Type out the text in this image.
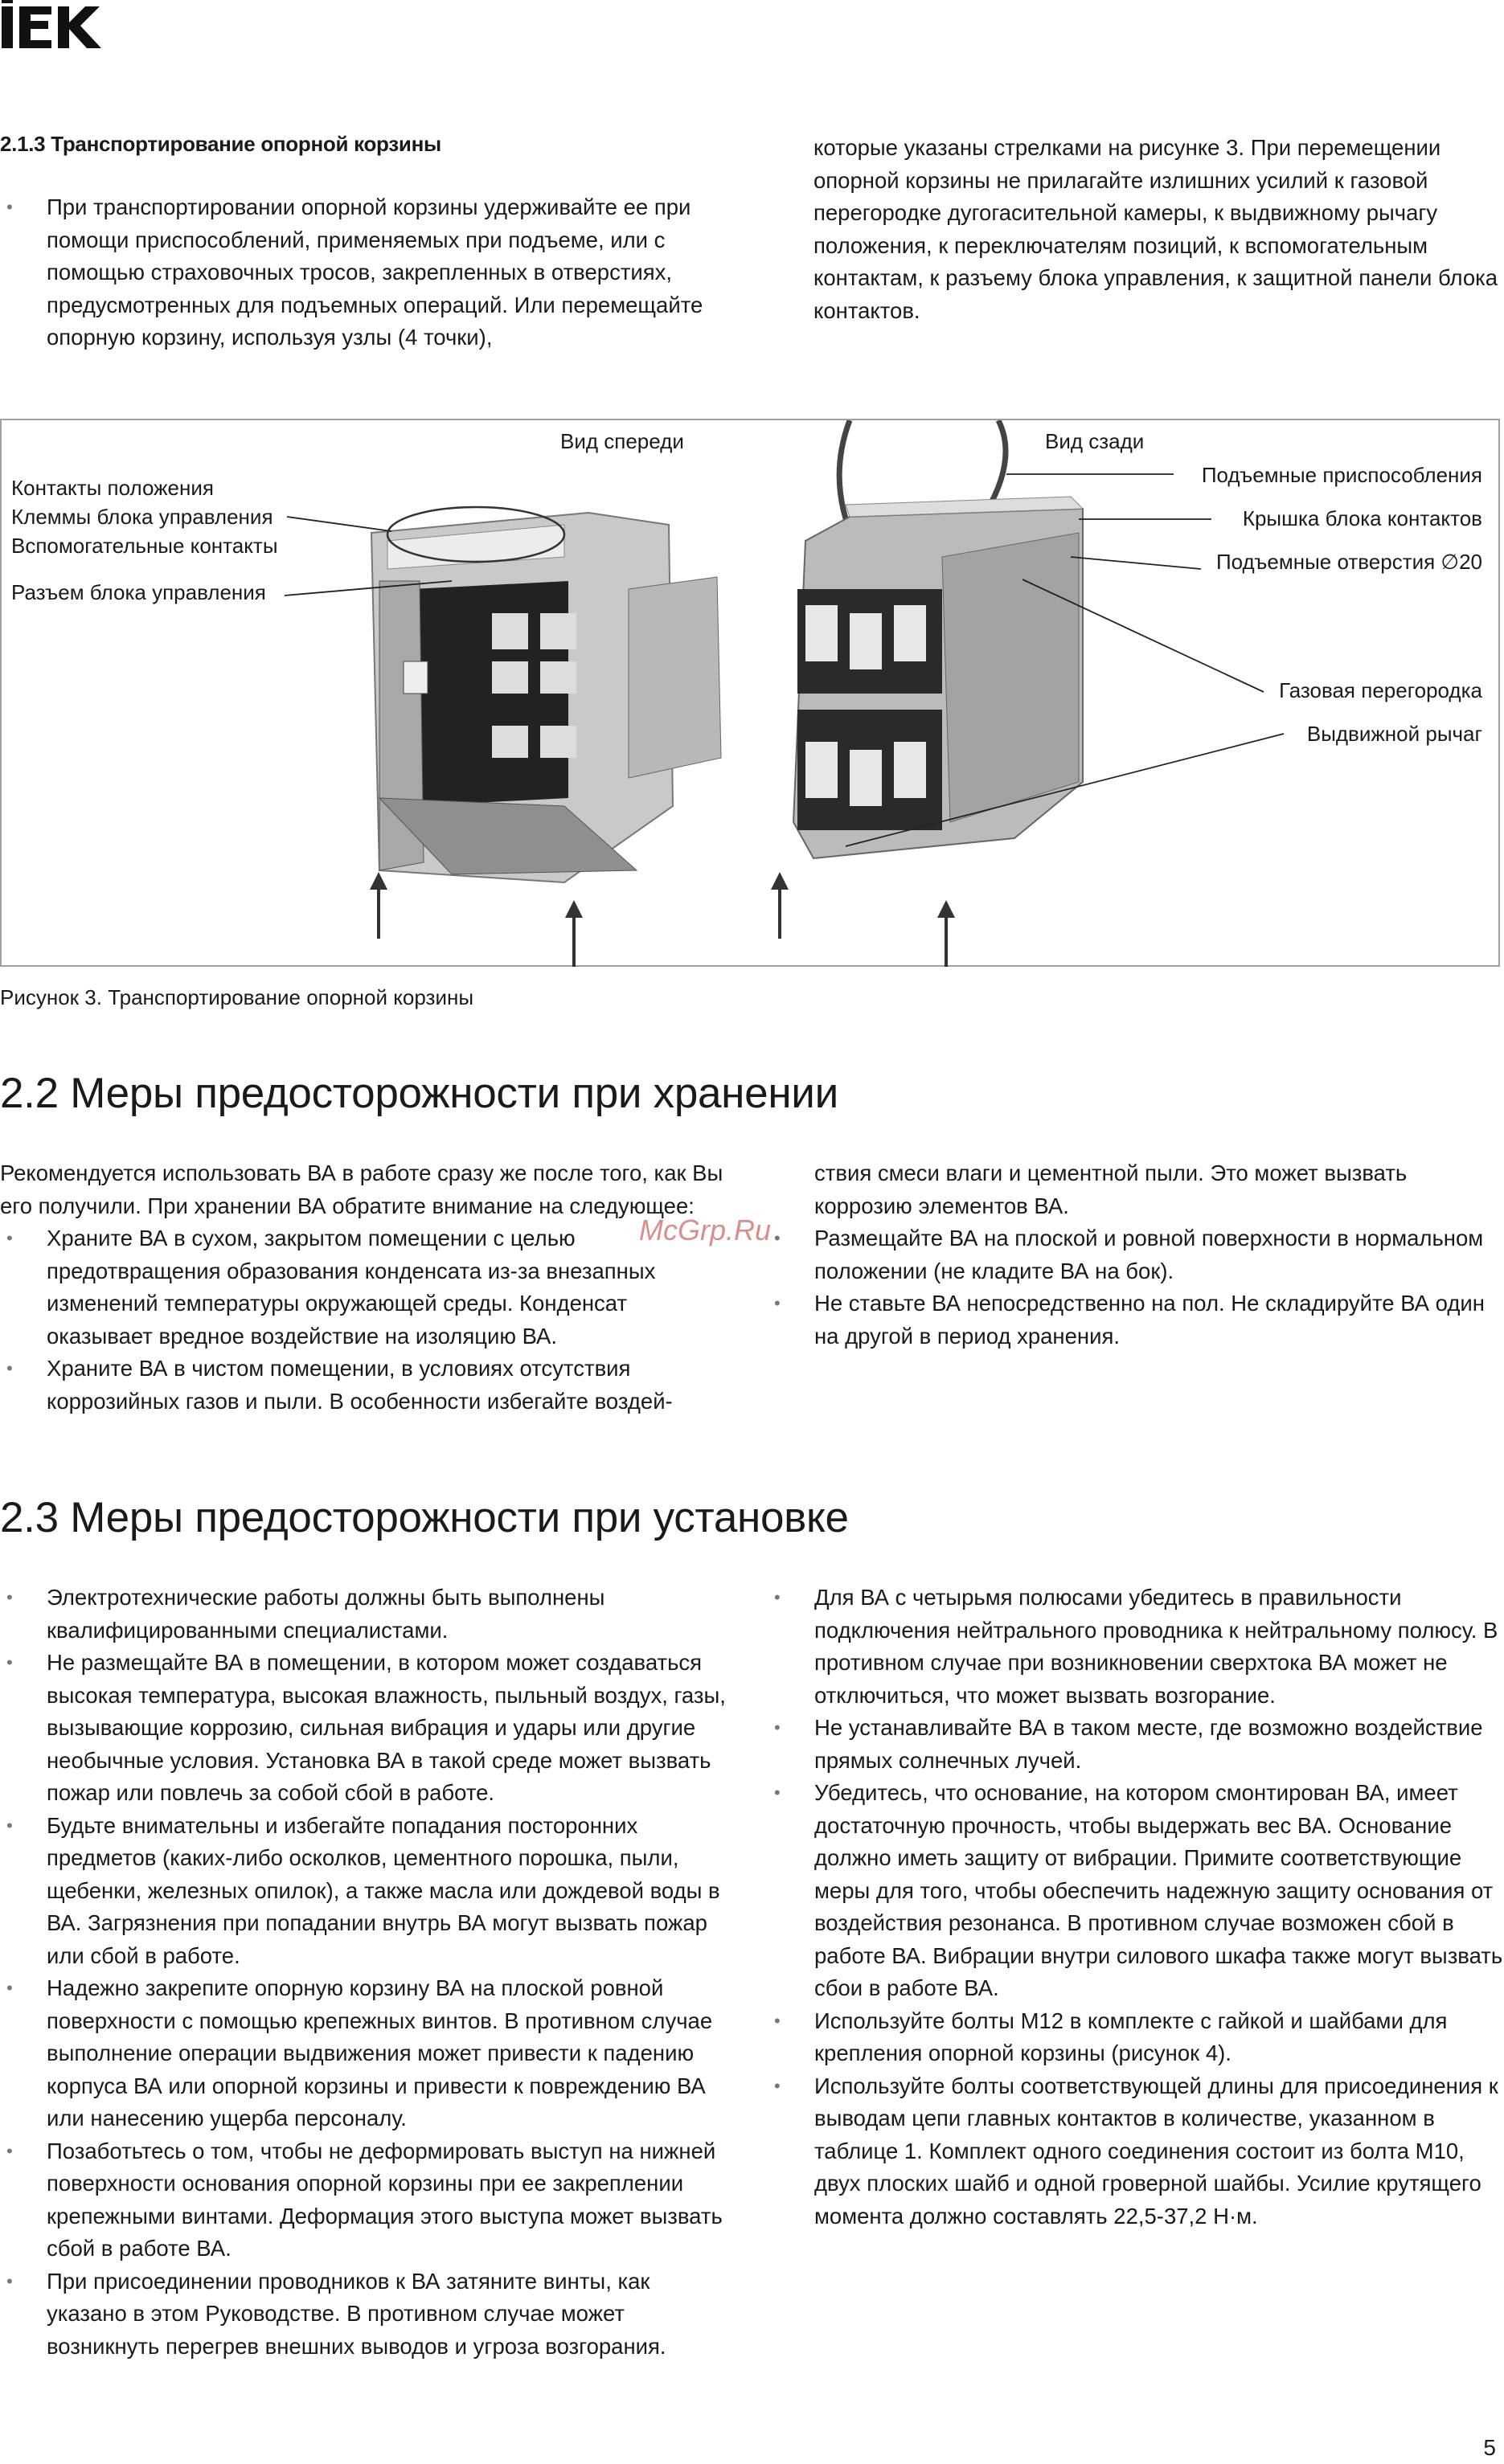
2.1.3 Транспортирование опорной корзины
• При транспортировании опорной корзины удерживайте ее при помощи приспособлений, применяемых при подъеме, или с помощью страховочных тросов, закрепленных в отверстиях, предусмотренных для подъемных операций. Или перемещайте опорную корзину, используя узлы (4 точки),

которые указаны стрелками на рисунке 3. При перемещении опорной корзины не прилагайте излишних усилий к газовой перегородке дугогасительной камеры, к выдвижному рычагу положения, к переключателям позиций, к вспомогательным контактам, к разъему блока управления, к защитной панели блока контактов.

Вид спереди	Вид сзади
Контакты положения
Клеммы блока управления
Вспомогательные контакты
Разъем блока управления
Подъемные приспособления
Крышка блока контактов
Подъемные отверстия ∅20
Газовая перегородка
Выдвижной рычаг
Рисунок 3. Транспортирование опорной корзины
2.2 Меры предосторожности при хранении

Рекомендуется использовать ВА в работе сразу же после того, как Вы его получили. При хранении ВА обратите внимание на следующее:

• Храните ВА в сухом, закрытом помещении с целью предотвращения образования конденсата из-за внезапных изменений температуры окружающей среды. Конденсат оказывает вредное воздействие на изоляцию ВА.
• Храните ВА в чистом помещении, в условиях отсутствия коррозийных газов и пыли. В особенности избегайте воздей-

ствия смеси влаги и цементной пыли. Это может вызвать коррозию элементов ВА.

• Размещайте ВА на плоской и ровной поверхности в нормальном положении (не кладите ВА на бок).
• Не ставьте ВА непосредственно на пол. Не складируйте ВА один на другой в период хранения.
McGrp.Ru
2.3 Меры предосторожности при установке
• Электротехнические работы должны быть выполнены квалифицированными специалистами.
• Не размещайте ВА в помещении, в котором может создаваться высокая температура, высокая влажность, пыльный воздух, газы, вызывающие коррозию, сильная вибрация и удары или другие необычные условия. Установка ВА в такой среде может вызвать пожар или повлечь за собой сбой в работе.
• Будьте внимательны и избегайте попадания посторонних предметов (каких-либо осколков, цементного порошка, пыли, щебенки, железных опилок), а также масла или дождевой воды в ВА. Загрязнения при попадании внутрь ВА могут вызвать пожар или сбой в работе.
• Надежно закрепите опорную корзину ВА на плоской ровной поверхности с помощью крепежных винтов. В противном случае выполнение операции выдвижения может привести к падению корпуса ВА или опорной корзины и привести к повреждению ВА или нанесению ущерба персоналу.
• Позаботьтесь о том, чтобы не деформировать выступ на нижней поверхности основания опорной корзины при ее закреплении крепежными винтами. Деформация этого выступа может вызвать сбой в работе ВА.
• При присоединении проводников к ВА затяните винты, как указано в этом Руководстве. В противном случае может возникнуть перегрев внешних выводов и угроза возгорания.
• Для ВА с четырьмя полюсами убедитесь в правильности подключения нейтрального проводника к нейтральному полюсу. В противном случае при возникновении сверхтока ВА может не отключиться, что может вызвать возгорание.
• Не устанавливайте ВА в таком месте, где возможно воздействие прямых солнечных лучей.
• Убедитесь, что основание, на котором смонтирован ВА, имеет достаточную прочность, чтобы выдержать вес ВА. Основание должно иметь защиту от вибрации. Примите соответствующие меры для того, чтобы обеспечить надежную защиту основания от воздействия резонанса. В противном случае возможен сбой в работе ВА. Вибрации внутри силового шкафа также могут вызвать сбои в работе ВА.
• Используйте болты М12 в комплекте с гайкой и шайбами для крепления опорной корзины (рисунок 4).
• Используйте болты соответствующей длины для присоединения к выводам цепи главных контактов в количестве, указанном в таблице 1. Комплект одного соединения состоит из болта М10, двух плоских шайб и одной гроверной шайбы. Усилие крутящего момента должно составлять 22,5-37,2 Н·м.
5
